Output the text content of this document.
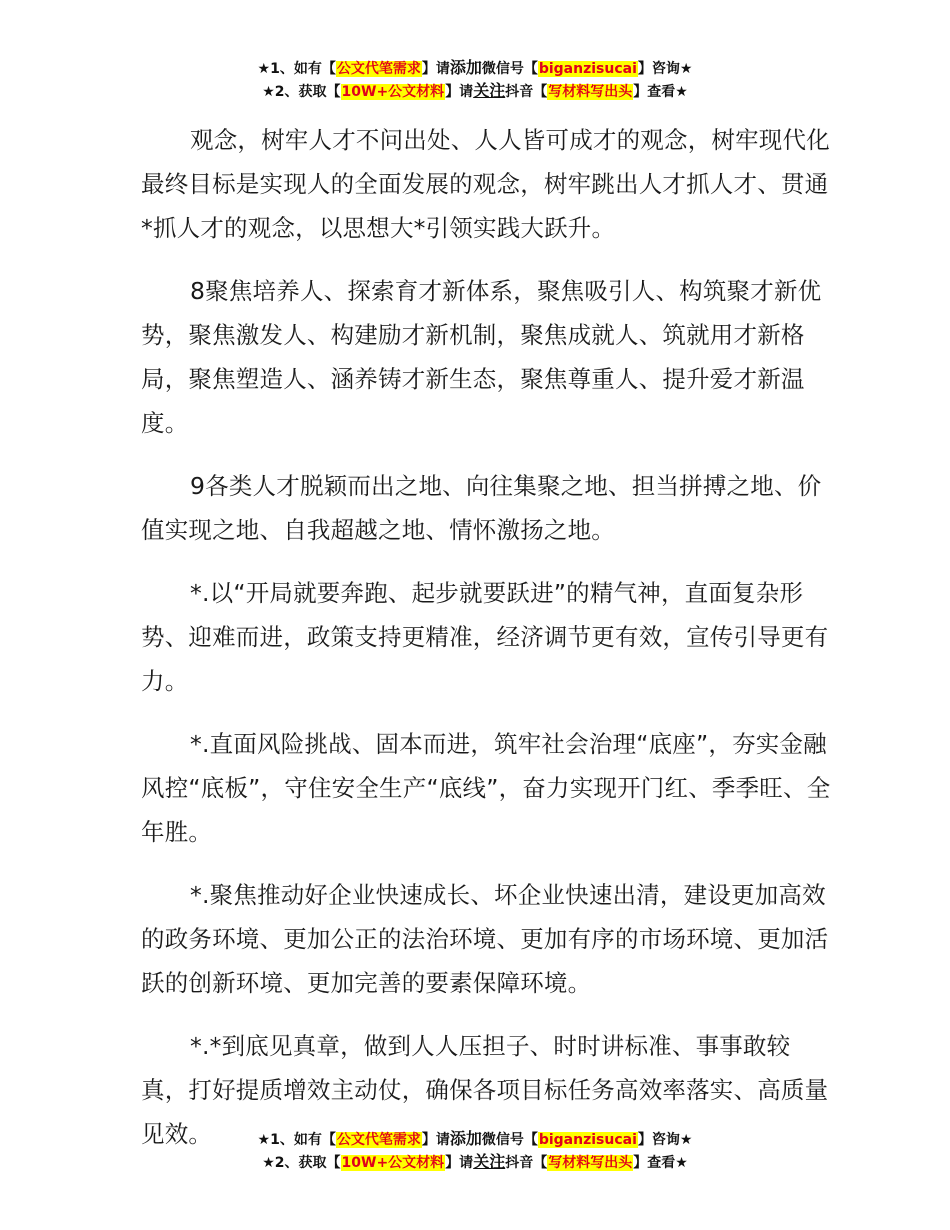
★1、如有【公文代笔需求】请添加微信号【biganzisucai】咨询★
★2、获取【10W+公文材料】请关注抖音【写材料写出头】查看★

观念，树牢人才不问出处、人人皆可成才的观念，树牢现代化最终目标是实现人的全面发展的观念，树牢跳出人才抓人才、贯通*抓人才的观念，以思想大*引领实践大跃升。

8聚焦培养人、探索育才新体系，聚焦吸引人、构筑聚才新优势，聚焦激发人、构建励才新机制，聚焦成就人、筑就用才新格局，聚焦塑造人、涵养铸才新生态，聚焦尊重人、提升爱才新温度。

9各类人才脱颖而出之地、向往集聚之地、担当拼搏之地、价值实现之地、自我超越之地、情怀激扬之地。

*.以“开局就要奔跑、起步就要跃进”的精气神，直面复杂形势、迎难而进，政策支持更精准，经济调节更有效，宣传引导更有力。

*.直面风险挑战、固本而进，筑牢社会治理“底座”，夯实金融风控“底板”，守住安全生产“底线”，奋力实现开门红、季季旺、全年胜。

*.聚焦推动好企业快速成长、坏企业快速出清，建设更加高效的政务环境、更加公正的法治环境、更加有序的市场环境、更加活跃的创新环境、更加完善的要素保障环境。

*.*到底见真章，做到人人压担子、时时讲标准、事事敢较真，打好提质增效主动仗，确保各项目标任务高效率落实、高质量见效。	★1、如有【公文代笔需求】请添加微信号【biganzisucai】咨询★
★2、获取【10W+公文材料】请关注抖音【写材料写出头】查看★
